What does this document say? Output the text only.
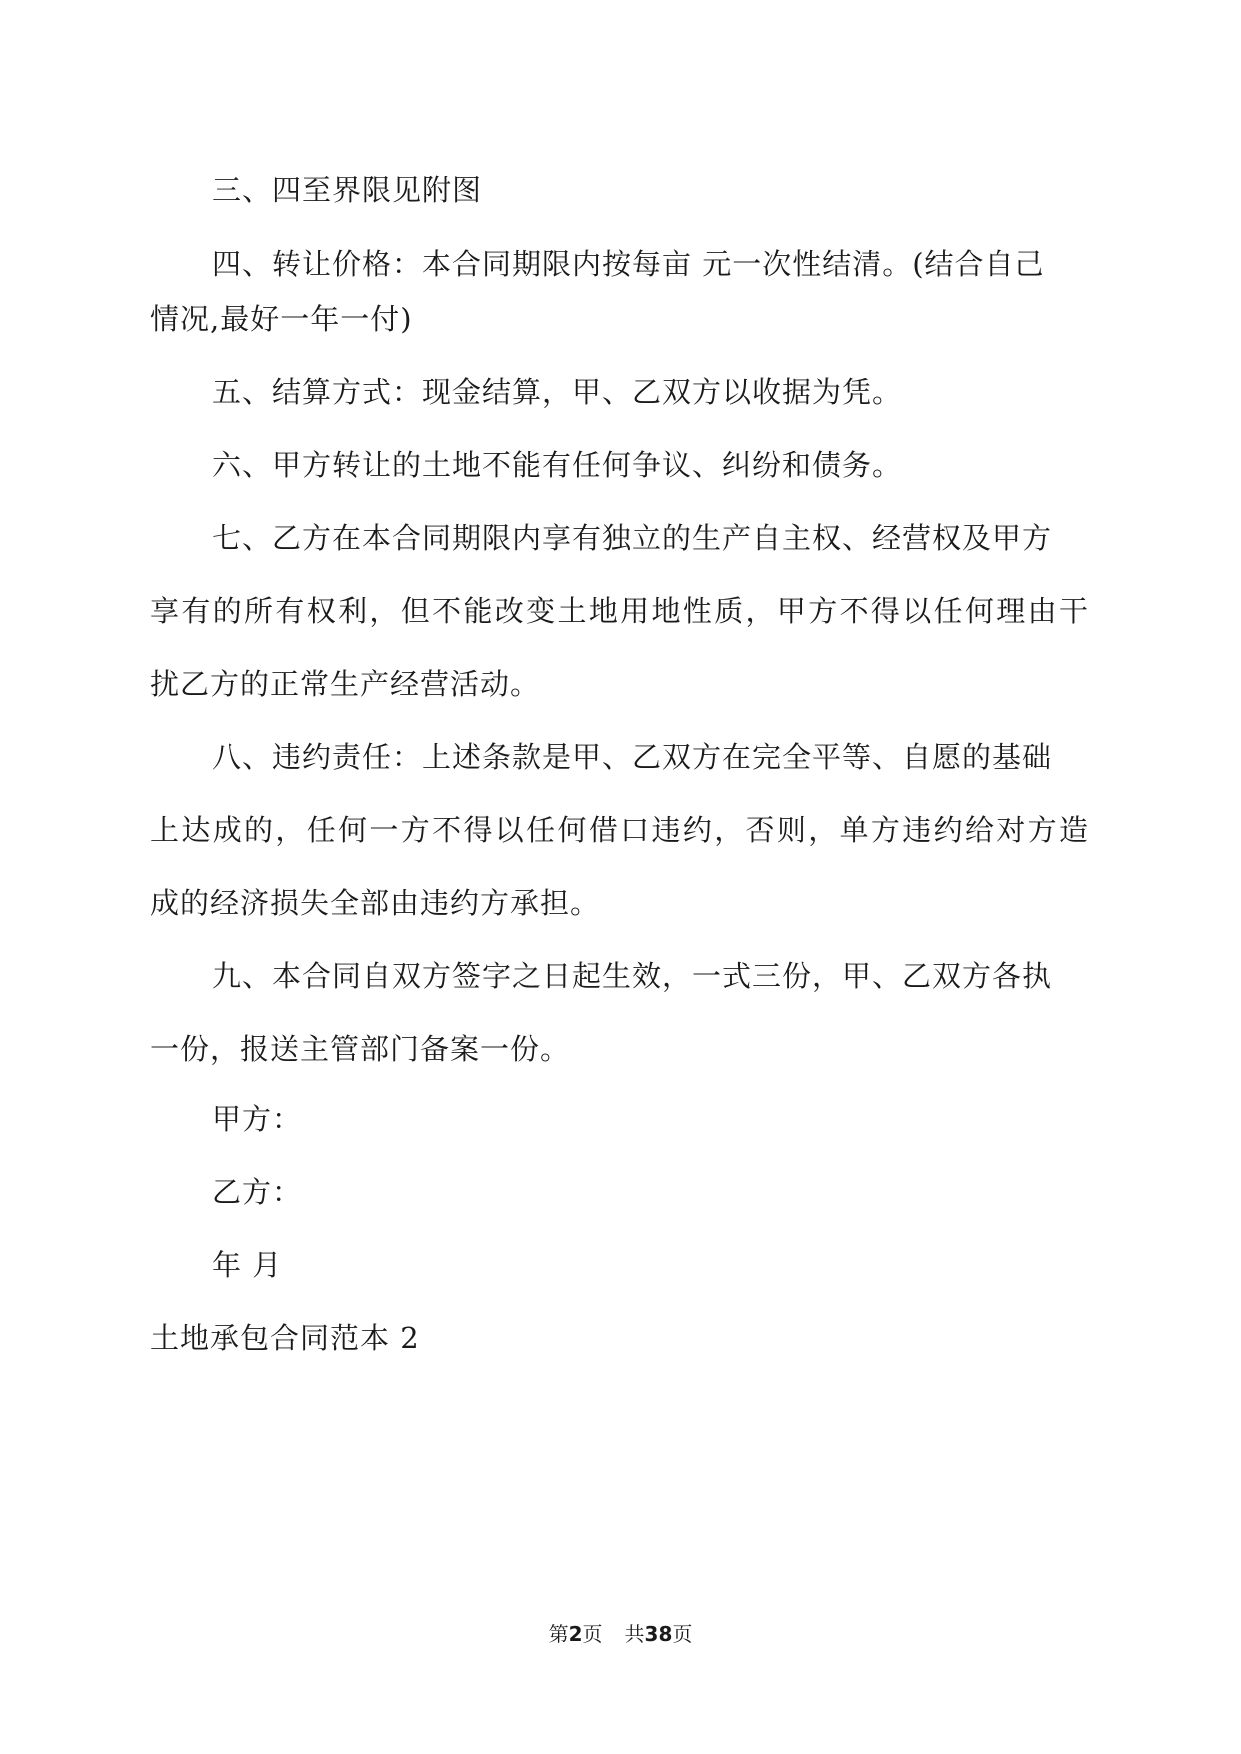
三、四至界限见附图
四、转让价格：本合同期限内按每亩 元一次性结清。(结合自己
情况,最好一年一付)
五、结算方式：现金结算，甲、乙双方以收据为凭。
六、甲方转让的土地不能有任何争议、纠纷和债务。
七、乙方在本合同期限内享有独立的生产自主权、经营权及甲方
享有的所有权利，但不能改变土地用地性质，甲方不得以任何理由干
扰乙方的正常生产经营活动。
八、违约责任：上述条款是甲、乙双方在完全平等、自愿的基础
上达成的，任何一方不得以任何借口违约，否则，单方违约给对方造
成的经济损失全部由违约方承担。
九、本合同自双方签字之日起生效，一式三份，甲、乙双方各执
一份，报送主管部门备案一份。
甲方：
乙方：
年 月
土地承包合同范本 2
第2页 共38页
